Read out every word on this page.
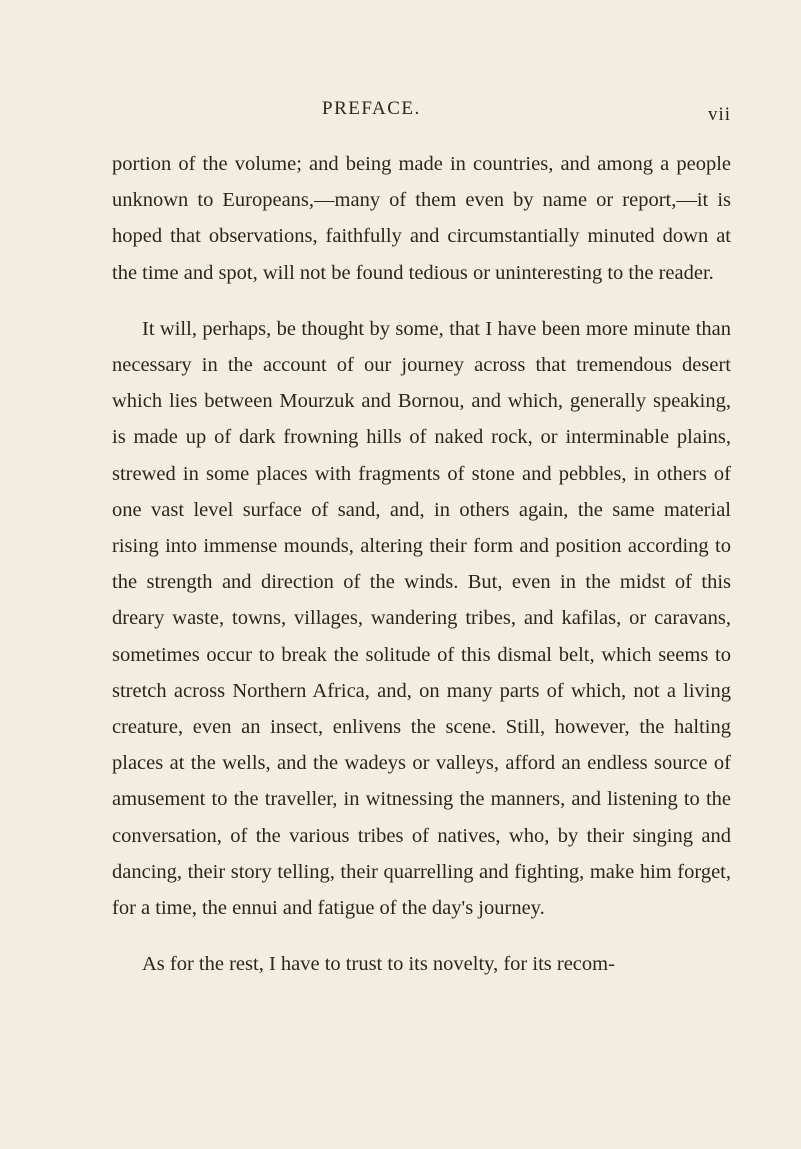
PREFACE.	vii

portion of the volume; and being made in countries, and among a people unknown to Europeans,—many of them even by name or report,—it is hoped that observations, faithfully and circumstantially minuted down at the time and spot, will not be found tedious or uninteresting to the reader.

It will, perhaps, be thought by some, that I have been more minute than necessary in the account of our journey across that tremendous desert which lies between Mourzuk and Bornou, and which, generally speaking, is made up of dark frowning hills of naked rock, or interminable plains, strewed in some places with fragments of stone and pebbles, in others of one vast level surface of sand, and, in others again, the same material rising into immense mounds, altering their form and position according to the strength and direction of the winds. But, even in the midst of this dreary waste, towns, villages, wandering tribes, and kafilas, or caravans, sometimes occur to break the solitude of this dismal belt, which seems to stretch across Northern Africa, and, on many parts of which, not a living creature, even an insect, enlivens the scene. Still, however, the halting places at the wells, and the wadeys or valleys, afford an endless source of amusement to the traveller, in witnessing the manners, and listening to the conversation, of the various tribes of natives, who, by their singing and dancing, their story telling, their quarrelling and fighting, make him forget, for a time, the ennui and fatigue of the day's journey.

As for the rest, I have to trust to its novelty, for its recom-
